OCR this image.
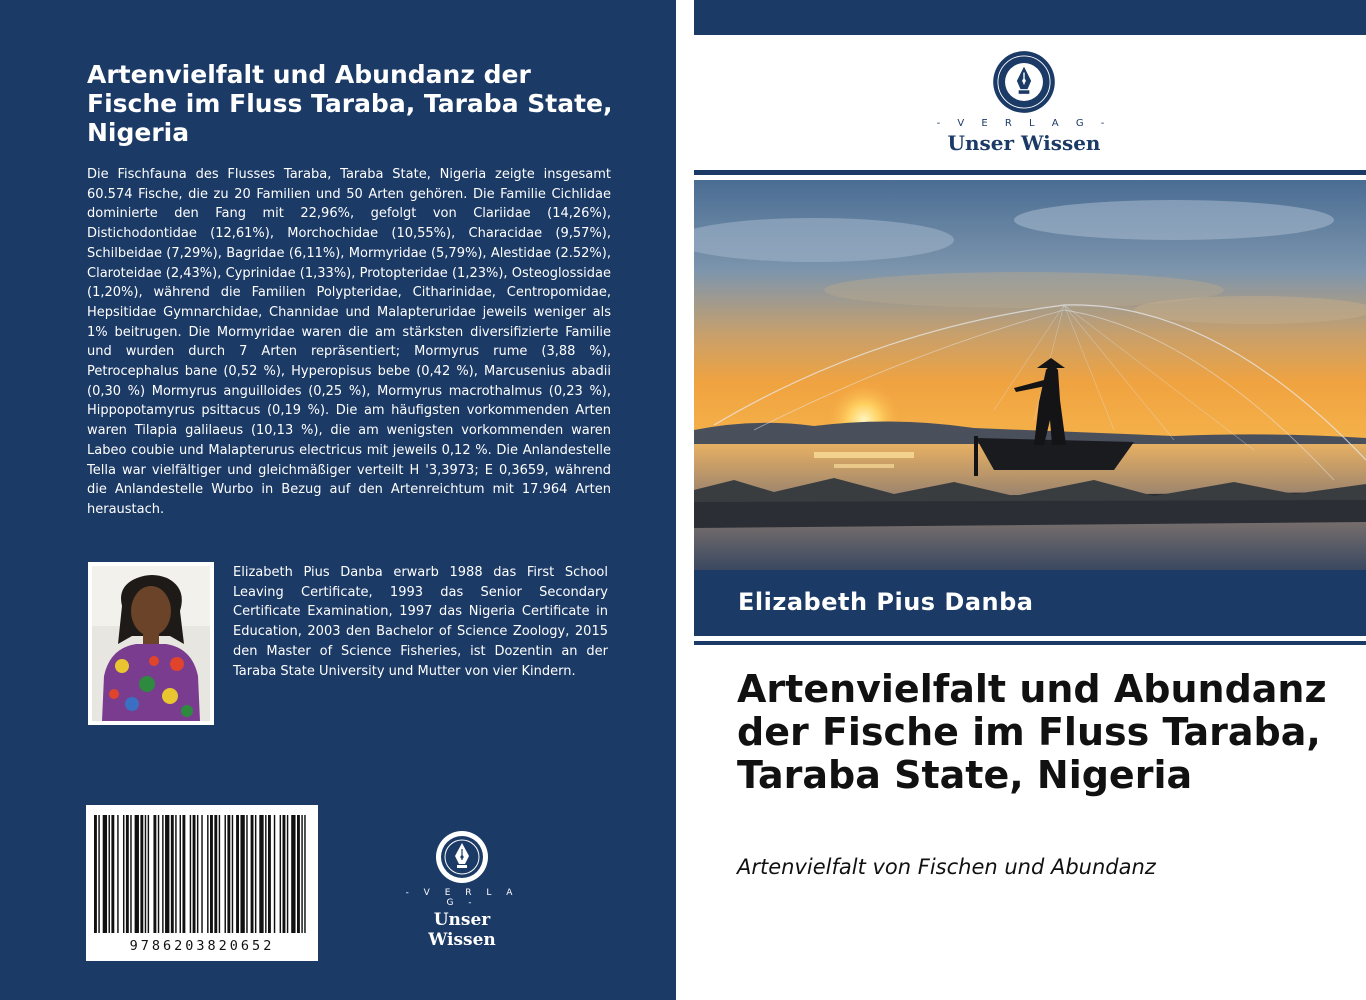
Artenvielfalt und Abundanz der Fische im Fluss Taraba, Taraba State, Nigeria

Die Fischfauna des Flusses Taraba, Taraba State, Nigeria zeigte insgesamt 60.574 Fische, die zu 20 Familien und 50 Arten gehören. Die Familie Cichlidae dominierte den Fang mit 22,96%, gefolgt von Clariidae (14,26%), Distichodontidae (12,61%), Morchochidae (10,55%), Characidae (9,57%), Schilbeidae (7,29%), Bagridae (6,11%), Mormyridae (5,79%), Alestidae (2.52%), Claroteidae (2,43%), Cyprinidae (1,33%), Protopteridae (1,23%), Osteoglossidae (1,20%), während die Familien Polypteridae, Citharinidae, Centropomidae, Hepsitidae Gymnarchidae, Channidae und Malapteruridae jeweils weniger als 1% beitrugen. Die Mormyridae waren die am stärksten diversifizierte Familie und wurden durch 7 Arten repräsentiert; Mormyrus rume (3,88 %), Petrocephalus bane (0,52 %), Hyperopisus bebe (0,42 %), Marcusenius abadii (0,30 %) Mormyrus anguilloides (0,25 %), Mormyrus macrothalmus (0,23 %), Hippopotamyrus psittacus (0,19 %). Die am häufigsten vorkommenden Arten waren Tilapia galilaeus (10,13 %), die am wenigsten vorkommenden waren Labeo coubie und Malapterurus electricus mit jeweils 0,12 %. Die Anlandestelle Tella war vielfältiger und gleichmäßiger verteilt H '3,3973; E 0,3659, während die Anlandestelle Wurbo in Bezug auf den Artenreichtum mit 17.964 Arten heraustach.

Elizabeth Pius Danba erwarb 1988 das First School Leaving Certificate, 1993 das Senior Secondary Certificate Examination, 1997 das Nigeria Certificate in Education, 2003 den Bachelor of Science Zoology, 2015 den Master of Science Fisheries, ist Dozentin an der Taraba State University und Mutter von vier Kindern.

9786203820652
- V E R L A G -
Unser Wissen
- V E R L A G -
Unser Wissen
Elizabeth Pius Danba
Artenvielfalt und Abundanz der Fische im Fluss Taraba, Taraba State, Nigeria

Artenvielfalt von Fischen und Abundanz
